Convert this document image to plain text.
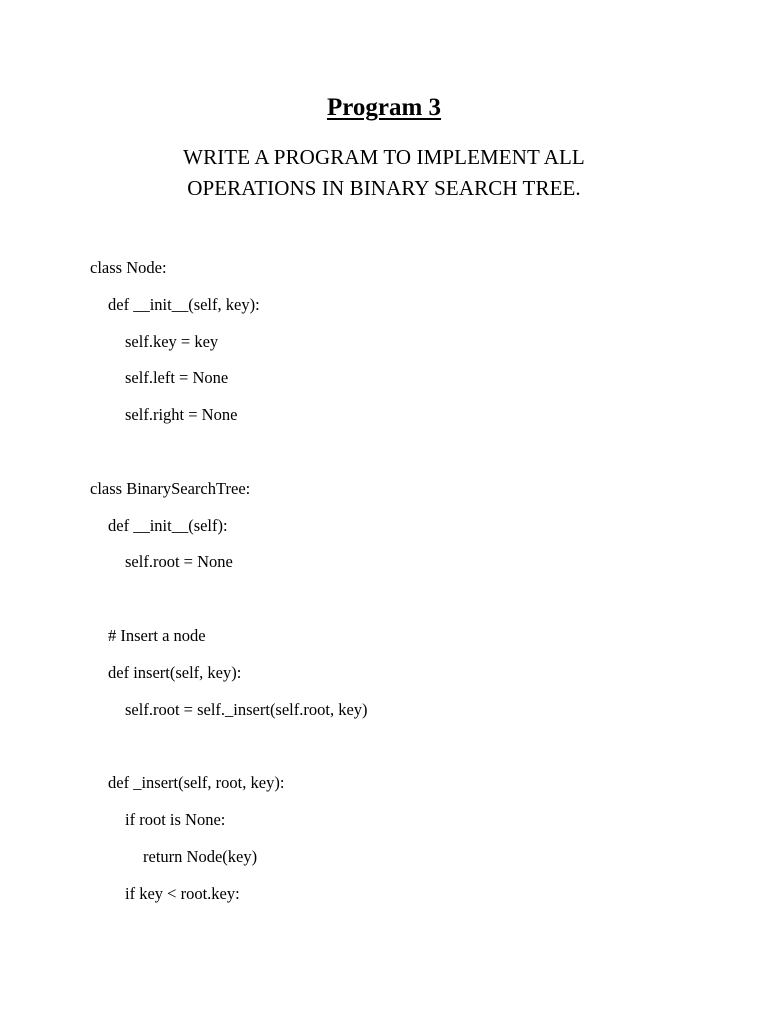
Program 3
WRITE A PROGRAM TO IMPLEMENT ALL
OPERATIONS IN BINARY SEARCH TREE.
class Node:
def __init__(self, key):
self.key = key
self.left = None
self.right = None
class BinarySearchTree:
def __init__(self):
self.root = None
# Insert a node
def insert(self, key):
self.root = self._insert(self.root, key)
def _insert(self, root, key):
if root is None:
return Node(key)
if key < root.key:
